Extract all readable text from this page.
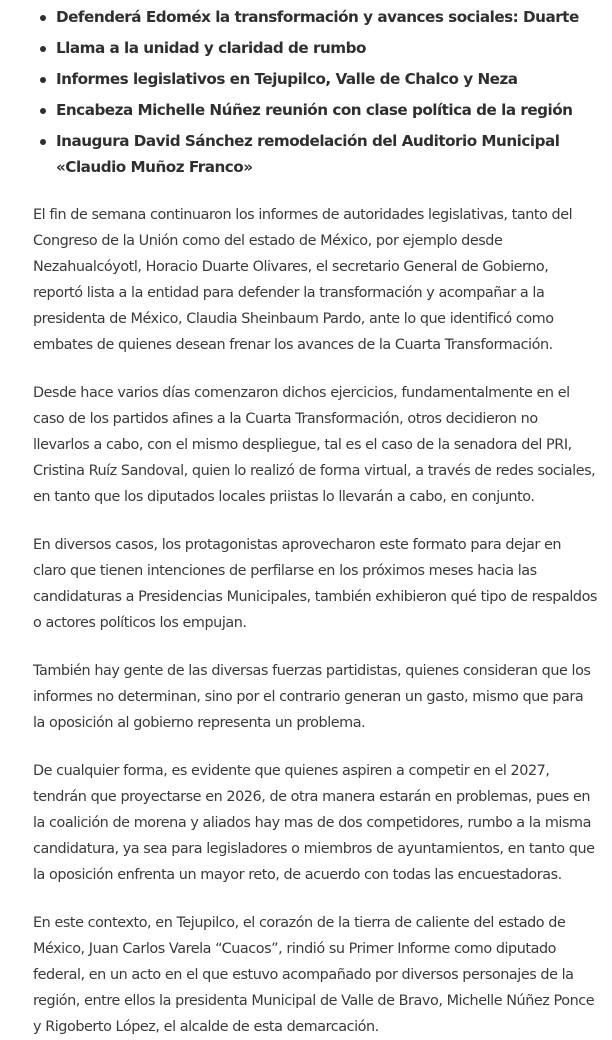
Defenderá Edoméx la transformación y avances sociales: Duarte
Llama a la unidad y claridad de rumbo
Informes legislativos en Tejupilco, Valle de Chalco y Neza
Encabeza Michelle Núñez reunión con clase política de la región
Inaugura David Sánchez remodelación del Auditorio Municipal «Claudio Muñoz Franco»

El fin de semana continuaron los informes de autoridades legislativas, tanto del Congreso de la Unión como del estado de México, por ejemplo desde Nezahualcóyotl, Horacio Duarte Olivares, el secretario General de Gobierno, reportó lista a la entidad para defender la transformación y acompañar a la presidenta de México, Claudia Sheinbaum Pardo, ante lo que identificó como embates de quienes desean frenar los avances de la Cuarta Transformación.

Desde hace varios días comenzaron dichos ejercicios, fundamentalmente en el caso de los partidos afines a la Cuarta Transformación, otros decidieron no llevarlos a cabo, con el mismo despliegue, tal es el caso de la senadora del PRI, Cristina Ruíz Sandoval, quien lo realizó de forma virtual, a través de redes sociales, en tanto que los diputados locales priistas lo llevarán a cabo, en conjunto.

En diversos casos, los protagonistas aprovecharon este formato para dejar en claro que tienen intenciones de perfilarse en los próximos meses hacia las candidaturas a Presidencias Municipales, también exhibieron qué tipo de respaldos o actores políticos los empujan.

También hay gente de las diversas fuerzas partidistas, quienes consideran que los informes no determinan, sino por el contrario generan un gasto, mismo que para la oposición al gobierno representa un problema.

De cualquier forma, es evidente que quienes aspiren a competir en el 2027, tendrán que proyectarse en 2026, de otra manera estarán en problemas, pues en la coalición de morena y aliados hay mas de dos competidores, rumbo a la misma candidatura, ya sea para legisladores o miembros de ayuntamientos, en tanto que la oposición enfrenta un mayor reto, de acuerdo con todas las encuestadoras.

En este contexto, en Tejupilco, el corazón de la tierra de caliente del estado de México, Juan Carlos Varela “Cuacos”, rindió su Primer Informe como diputado federal, en un acto en el que estuvo acompañado por diversos personajes de la región, entre ellos la presidenta Municipal de Valle de Bravo, Michelle Núñez Ponce y Rigoberto López, el alcalde de esta demarcación.
